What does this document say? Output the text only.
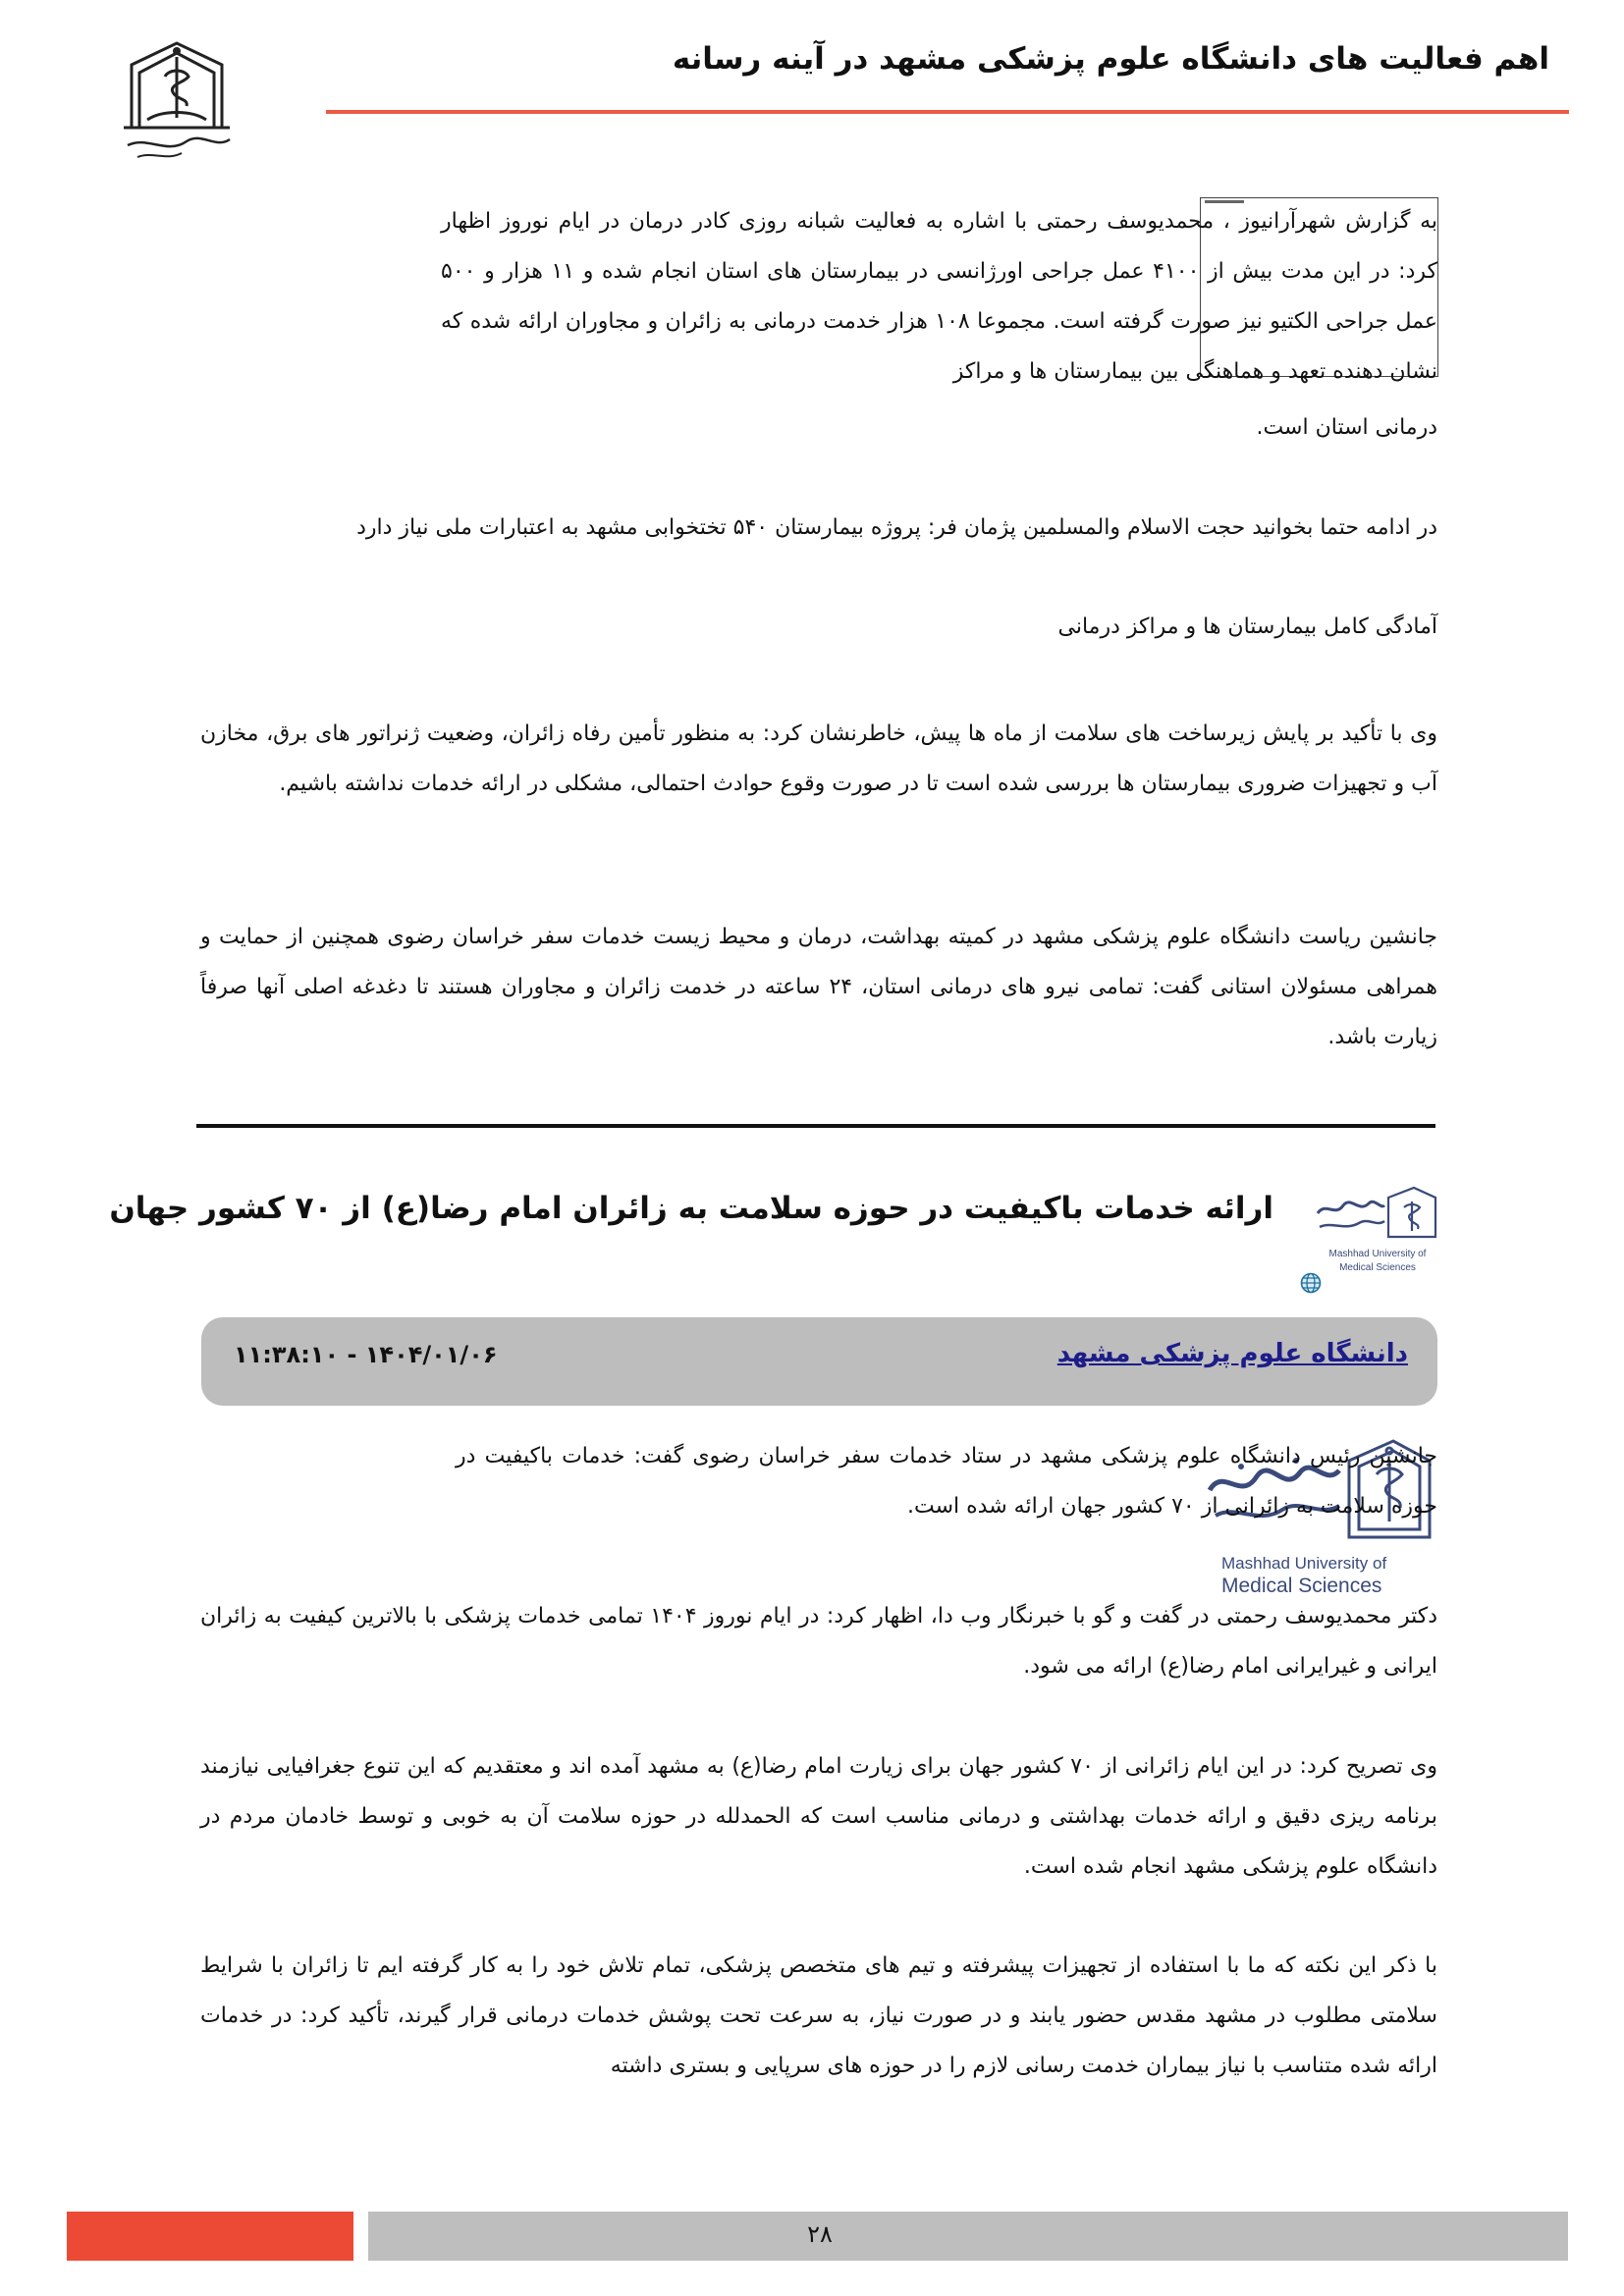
اهم فعالیت های دانشگاه علوم پزشکی مشهد در آینه رسانه
به گزارش شهرآرانیوز ، محمدیوسف رحمتی با اشاره به فعالیت شبانه روزی کادر درمان در ایام نوروز اظهار کرد: در این مدت بیش از ۴۱۰۰ عمل جراحی اورژانسی در بیمارستان های استان انجام شده و ۱۱ هزار و ۵۰۰ عمل جراحی الکتیو نیز صورت گرفته است. مجموعا ۱۰۸ هزار خدمت درمانی به زائران و مجاوران ارائه شده که نشان دهنده تعهد و هماهنگی بین بیمارستان ها و مراکز
درمانی استان است.
در ادامه حتما بخوانید حجت الاسلام والمسلمین پژمان فر: پروژه بیمارستان ۵۴۰ تختخوابی مشهد به اعتبارات ملی نیاز دارد
آمادگی کامل بیمارستان ها و مراکز درمانی
وی با تأکید بر پایش زیرساخت های سلامت از ماه ها پیش، خاطرنشان کرد: به منظور تأمین رفاه زائران، وضعیت ژنراتور های برق، مخازن آب و تجهیزات ضروری بیمارستان ها بررسی شده است تا در صورت وقوع حوادث احتمالی، مشکلی در ارائه خدمات نداشته باشیم.
جانشین ریاست دانشگاه علوم پزشکی مشهد در کمیته بهداشت، درمان و محیط زیست خدمات سفر خراسان رضوی همچنین از حمایت و همراهی مسئولان استانی گفت: تمامی نیرو های درمانی استان، ۲۴ ساعته در خدمت زائران و مجاوران هستند تا دغدغه اصلی آنها صرفاً زیارت باشد.
Mashhad University of
Medical Sciences
ارائه خدمات باکیفیت در حوزه سلامت به زائران امام رضا(ع) از ۷۰ کشور جهان
دانشگاه علوم پزشکی مشهد
۱۴۰۴/۰۱/۰۶ - ۱۱:۳۸:۱۰
Mashhad University of
Medical Sciences
جانشین رئیس دانشگاه علوم پزشکی مشهد در ستاد خدمات سفر خراسان رضوی گفت: خدمات باکیفیت در حوزه سلامت به زائرانی از ۷۰ کشور جهان ارائه شده است.
دکتر محمدیوسف رحمتی در گفت و گو با خبرنگار وب دا، اظهار کرد: در ایام نوروز ۱۴۰۴ تمامی خدمات پزشکی با بالاترین کیفیت به زائران ایرانی و غیرایرانی امام رضا(ع) ارائه می شود.
وی تصریح کرد: در این ایام زائرانی از ۷۰ کشور جهان برای زیارت امام رضا(ع) به مشهد آمده اند و معتقدیم که این تنوع جغرافیایی نیازمند برنامه ریزی دقیق و ارائه خدمات بهداشتی و درمانی مناسب است که الحمدلله در حوزه سلامت آن به خوبی و توسط خادمان مردم در دانشگاه علوم پزشکی مشهد انجام شده است.
با ذکر این نکته که ما با استفاده از تجهیزات پیشرفته و تیم های متخصص پزشکی، تمام تلاش خود را به کار گرفته ایم تا زائران با شرایط سلامتی مطلوب در مشهد مقدس حضور یابند و در صورت نیاز، به سرعت تحت پوشش خدمات درمانی قرار گیرند، تأکید کرد: در خدمات ارائه شده متناسب با نیاز بیماران خدمت رسانی لازم را در حوزه های سرپایی و بستری داشته
۲۸
